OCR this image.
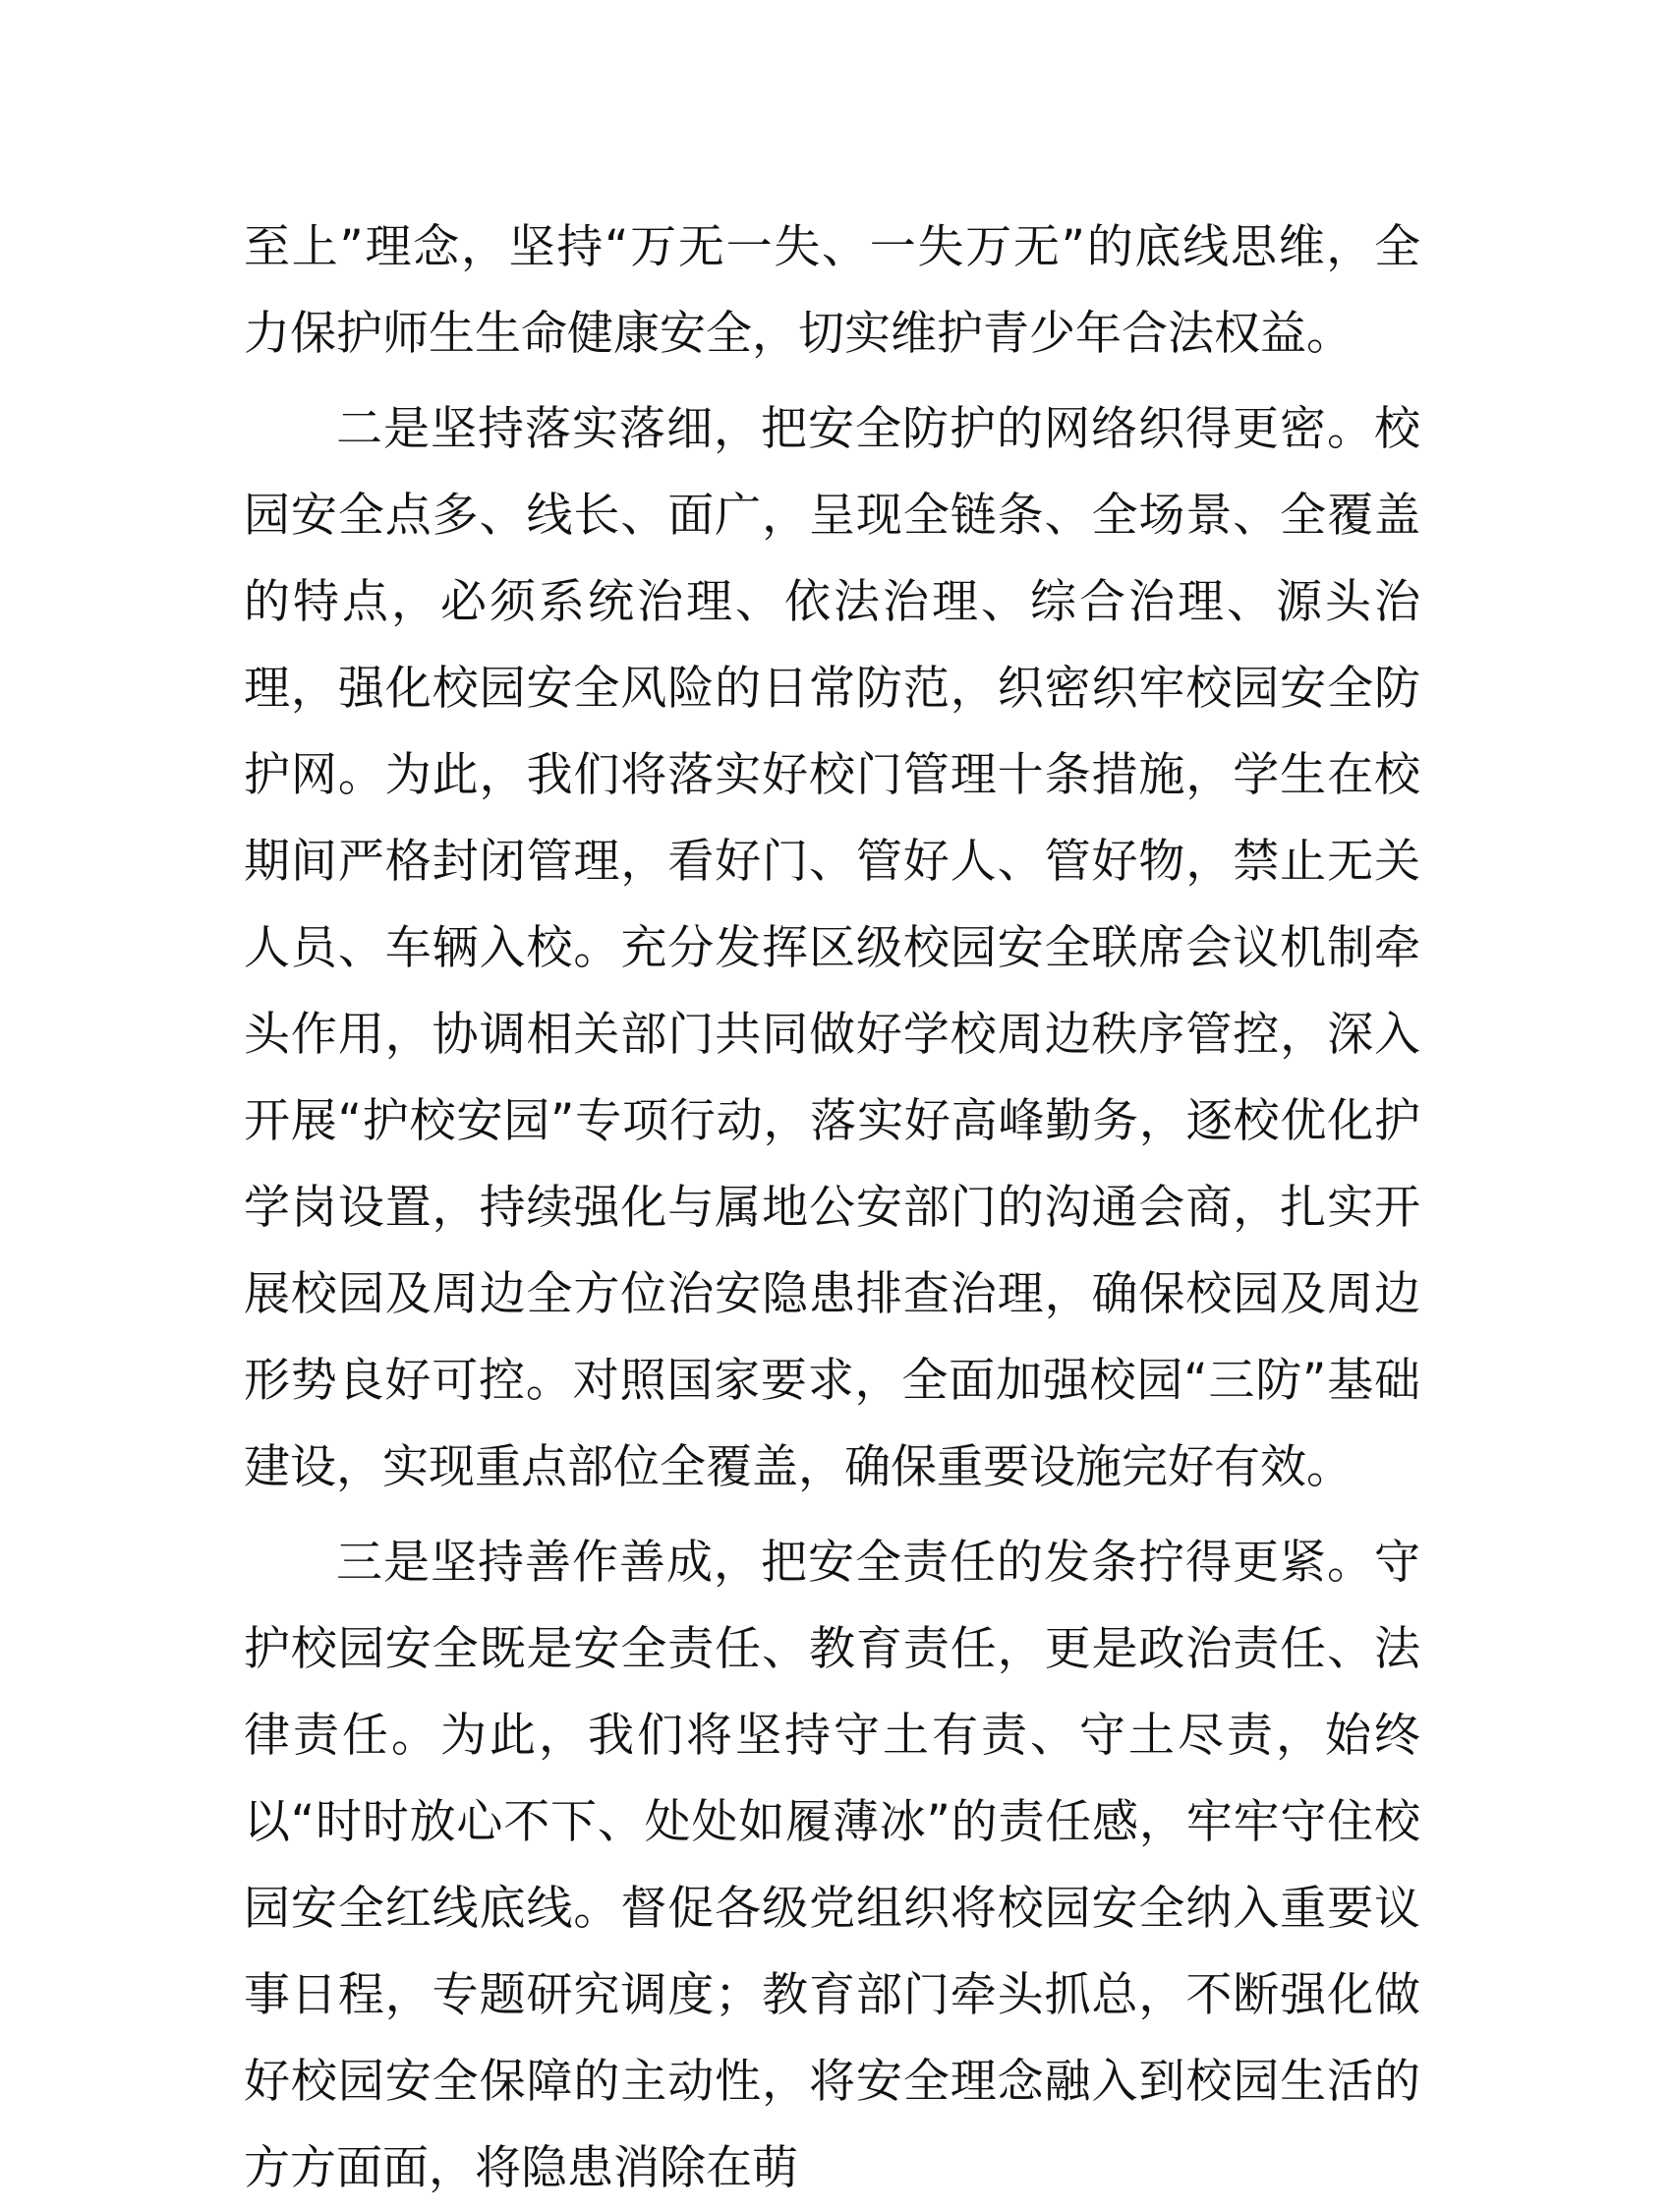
至上”理念，坚持“万无一失、一失万无”的底线思维，全力保护师生生命健康安全，切实维护青少年合法权益。

二是坚持落实落细，把安全防护的网络织得更密。校园安全点多、线长、面广，呈现全链条、全场景、全覆盖的特点，必须系统治理、依法治理、综合治理、源头治理，强化校园安全风险的日常防范，织密织牢校园安全防护网。为此，我们将落实好校门管理十条措施，学生在校期间严格封闭管理，看好门、管好人、管好物，禁止无关人员、车辆入校。充分发挥区级校园安全联席会议机制牵头作用，协调相关部门共同做好学校周边秩序管控，深入开展“护校安园”专项行动，落实好高峰勤务，逐校优化护学岗设置，持续强化与属地公安部门的沟通会商，扎实开展校园及周边全方位治安隐患排查治理，确保校园及周边形势良好可控。对照国家要求，全面加强校园“三防”基础建设，实现重点部位全覆盖，确保重要设施完好有效。

三是坚持善作善成，把安全责任的发条拧得更紧。守护校园安全既是安全责任、教育责任，更是政治责任、法律责任。为此，我们将坚持守土有责、守土尽责，始终以“时时放心不下、处处如履薄冰”的责任感，牢牢守住校园安全红线底线。督促各级党组织将校园安全纳入重要议事日程，专题研究调度；教育部门牵头抓总，不断强化做好校园安全保障的主动性，将安全理念融入到校园生活的方方面面，将隐患消除在萌
